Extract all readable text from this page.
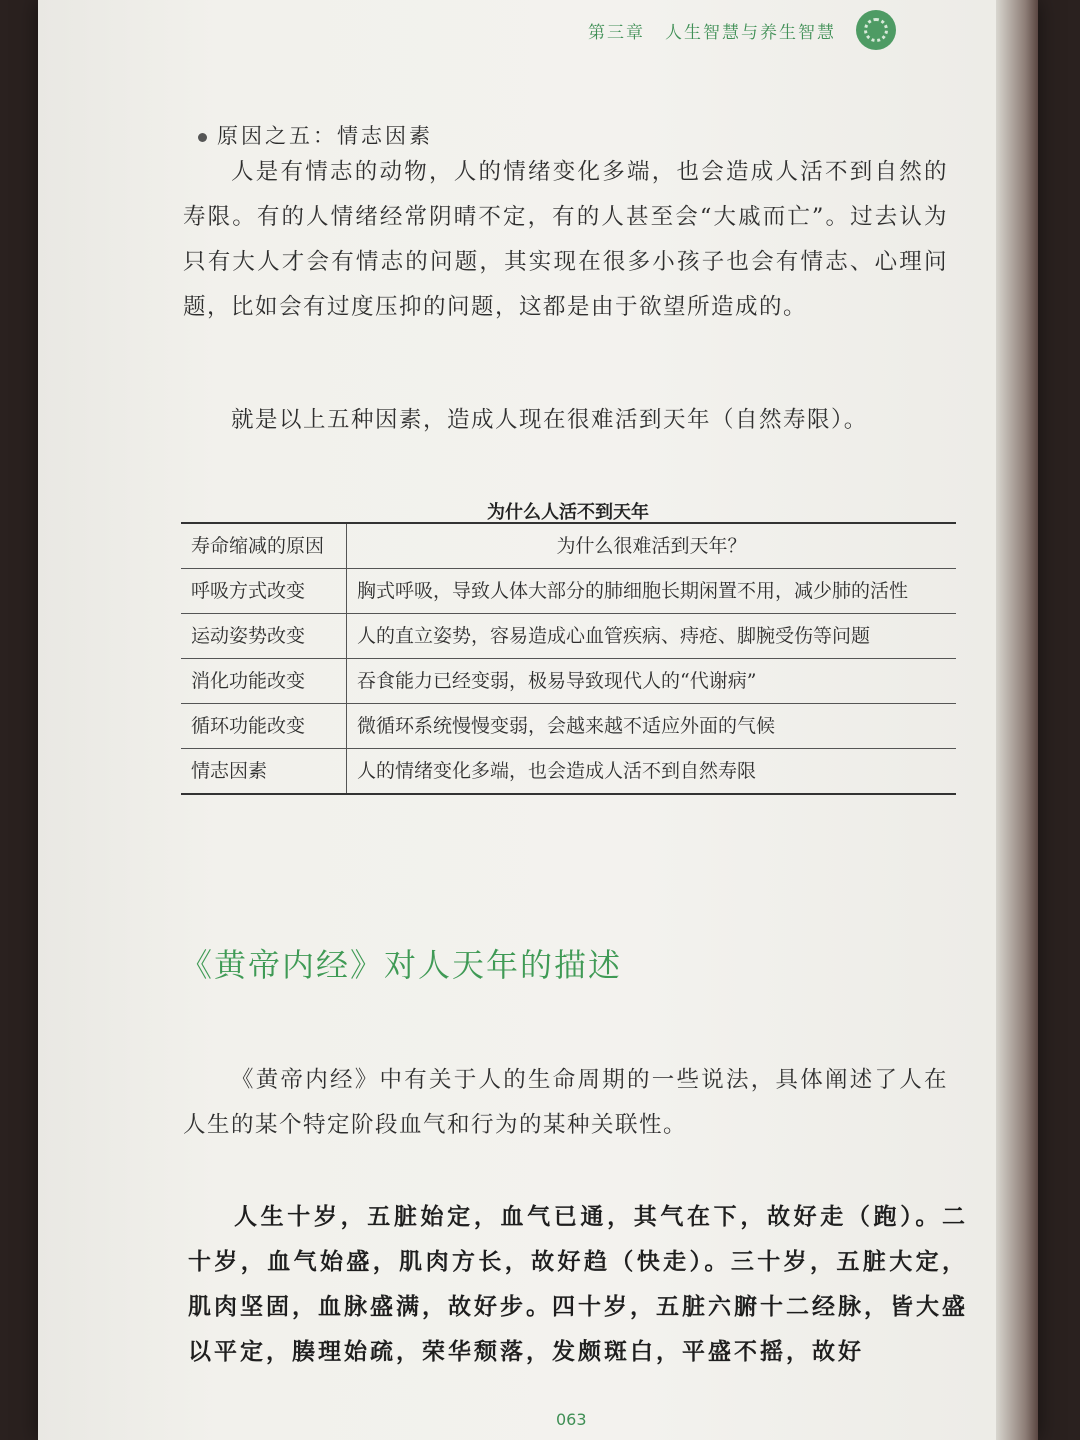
第三章 人生智慧与养生智慧
原因之五：情志因素

人是有情志的动物，人的情绪变化多端，也会造成人活不到自然的寿限。有的人情绪经常阴晴不定，有的人甚至会“大戚而亡”。过去认为只有大人才会有情志的问题，其实现在很多小孩子也会有情志、心理问题，比如会有过度压抑的问题，这都是由于欲望所造成的。

就是以上五种因素，造成人现在很难活到天年（自然寿限）。

为什么人活不到天年
寿命缩减的原因	为什么很难活到天年？
呼吸方式改变	胸式呼吸，导致人体大部分的肺细胞长期闲置不用，减少肺的活性
运动姿势改变	人的直立姿势，容易造成心血管疾病、痔疮、脚腕受伤等问题
消化功能改变	吞食能力已经变弱，极易导致现代人的“代谢病”
循环功能改变	微循环系统慢慢变弱，会越来越不适应外面的气候
情志因素	人的情绪变化多端，也会造成人活不到自然寿限
《黄帝内经》对人天年的描述

《黄帝内经》中有关于人的生命周期的一些说法，具体阐述了人在人生的某个特定阶段血气和行为的某种关联性。

人生十岁，五脏始定，血气已通，其气在下，故好走（跑）。二十岁，血气始盛，肌肉方长，故好趋（快走）。三十岁，五脏大定，肌肉坚固，血脉盛满，故好步。四十岁，五脏六腑十二经脉，皆大盛以平定，腠理始疏，荣华颓落，发颇斑白，平盛不摇，故好

063
